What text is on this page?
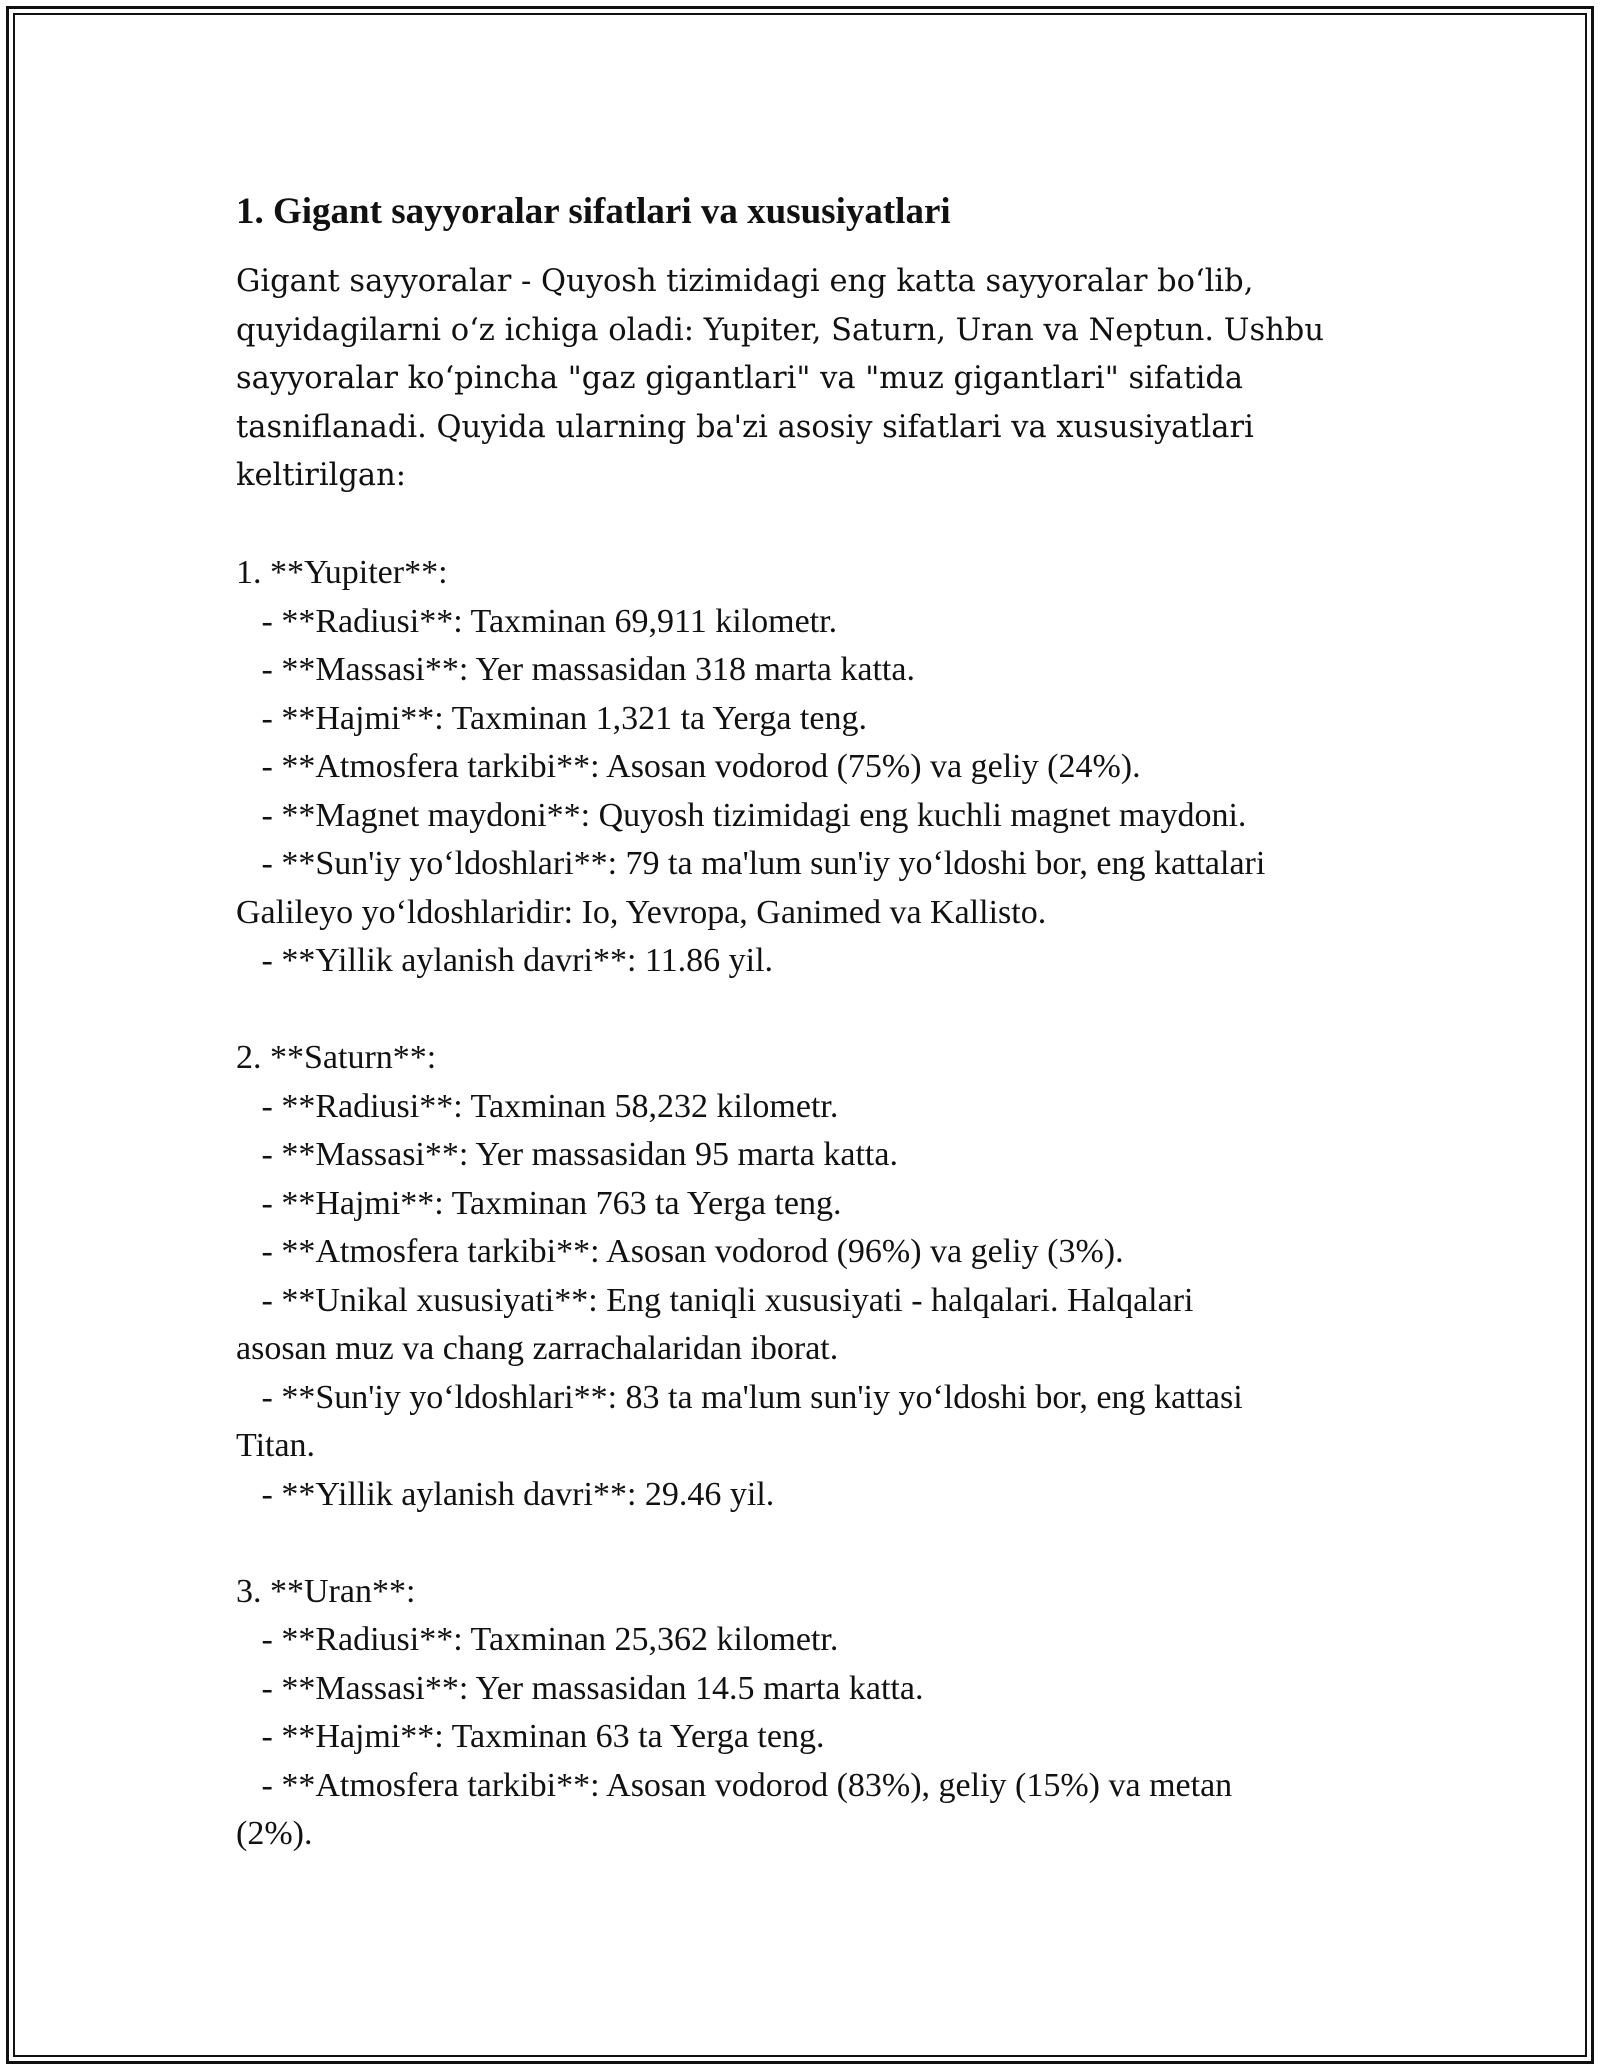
1. Gigant sayyoralar sifatlari va xususiyatlari
Gigant sayyoralar - Quyosh tizimidagi eng katta sayyoralar bo‘lib,
quyidagilarni o‘z ichiga oladi: Yupiter, Saturn, Uran va Neptun. Ushbu
sayyoralar ko‘pincha "gaz gigantlari" va "muz gigantlari" sifatida
tasniflanadi. Quyida ularning ba'zi asosiy sifatlari va xususiyatlari
keltirilgan:
1. **Yupiter**:
- **Radiusi**: Taxminan 69,911 kilometr.
- **Massasi**: Yer massasidan 318 marta katta.
- **Hajmi**: Taxminan 1,321 ta Yerga teng.
- **Atmosfera tarkibi**: Asosan vodorod (75%) va geliy (24%).
- **Magnet maydoni**: Quyosh tizimidagi eng kuchli magnet maydoni.
- **Sun'iy yo‘ldoshlari**: 79 ta ma'lum sun'iy yo‘ldoshi bor, eng kattalari
Galileyo yo‘ldoshlaridir: Io, Yevropa, Ganimed va Kallisto.
- **Yillik aylanish davri**: 11.86 yil.
2. **Saturn**:
- **Radiusi**: Taxminan 58,232 kilometr.
- **Massasi**: Yer massasidan 95 marta katta.
- **Hajmi**: Taxminan 763 ta Yerga teng.
- **Atmosfera tarkibi**: Asosan vodorod (96%) va geliy (3%).
- **Unikal xususiyati**: Eng taniqli xususiyati - halqalari. Halqalari
asosan muz va chang zarrachalaridan iborat.
- **Sun'iy yo‘ldoshlari**: 83 ta ma'lum sun'iy yo‘ldoshi bor, eng kattasi
Titan.
- **Yillik aylanish davri**: 29.46 yil.
3. **Uran**:
- **Radiusi**: Taxminan 25,362 kilometr.
- **Massasi**: Yer massasidan 14.5 marta katta.
- **Hajmi**: Taxminan 63 ta Yerga teng.
- **Atmosfera tarkibi**: Asosan vodorod (83%), geliy (15%) va metan
(2%).
